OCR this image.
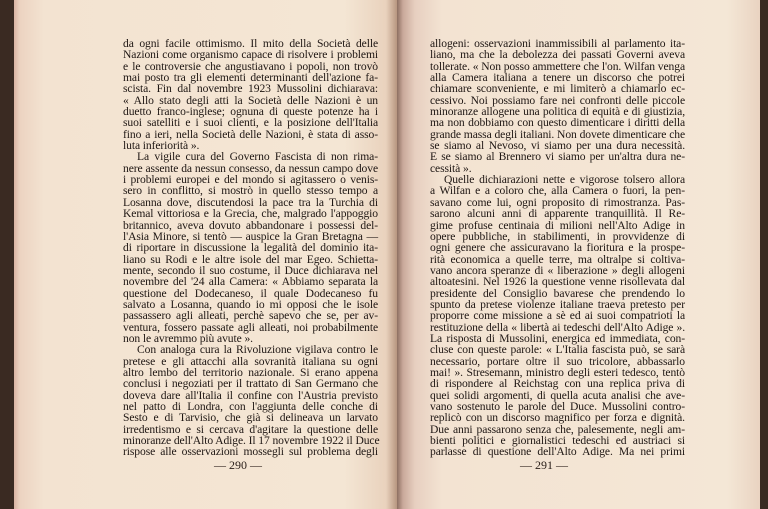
da ogni facile ottimismo. Il mito della Società delle
Nazioni come organismo capace di risolvere i problemi
e le controversie che angustiavano i popoli, non trovò
mai posto tra gli elementi determinanti dell'azione fa-
scista. Fin dal novembre 1923 Mussolini dichiarava:
« Allo stato degli atti la Società delle Nazioni è un
duetto franco-inglese; ognuna di queste potenze ha i
suoi satelliti e i suoi clienti, e la posizione dell'Italia
fino a ieri, nella Società delle Nazioni, è stata di asso-
luta inferiorità ».
La vigile cura del Governo Fascista di non rima-
nere assente da nessun consesso, da nessun campo dove
i problemi europei e del mondo si agitassero o venis-
sero in conflitto, si mostrò in quello stesso tempo a
Losanna dove, discutendosi la pace tra la Turchia di
Kemal vittoriosa e la Grecia, che, malgrado l'appoggio
britannico, aveva dovuto abbandonare i possessi del-
l'Asia Minore, si tentò — auspice la Gran Bretagna —
di riportare in discussione la legalità del dominio ita-
liano su Rodi e le altre isole del mar Egeo. Schietta-
mente, secondo il suo costume, il Duce dichiarava nel
novembre del '24 alla Camera: « Abbiamo separata la
questione del Dodecaneso, il quale Dodecaneso fu
salvato a Losanna, quando io mi opposi che le isole
passassero agli alleati, perchè sapevo che se, per av-
ventura, fossero passate agli alleati, noi probabilmente
non le avremmo più avute ».
Con analoga cura la Rivoluzione vigilava contro le
pretese e gli attacchi alla sovranità italiana su ogni
altro lembo del territorio nazionale. Si erano appena
conclusi i negoziati per il trattato di San Germano che
doveva dare all'Italia il confine con l'Austria previsto
nel patto di Londra, con l'aggiunta delle conche di
Sesto e di Tarvisio, che già si delineava un larvato
irredentismo e si cercava d'agitare la questione delle
minoranze dell'Alto Adige. Il 17 novembre 1922 il Duce
rispose alle osservazioni mossegli sul problema degli
— 290 —
allogeni: osservazioni inammissibili al parlamento ita-
liano, ma che la debolezza dei passati Governi aveva
tollerate. « Non posso ammettere che l'on. Wilfan venga
alla Camera italiana a tenere un discorso che potrei
chiamare sconveniente, e mi limiterò a chiamarlo ec-
cessivo. Noi possiamo fare nei confronti delle piccole
minoranze allogene una politica di equità e di giustizia,
ma non dobbiamo con questo dimenticare i diritti della
grande massa degli italiani. Non dovete dimenticare che
se siamo al Nevoso, vi siamo per una dura necessità.
E se siamo al Brennero vi siamo per un'altra dura ne-
cessità ».
Quelle dichiarazioni nette e vigorose tolsero allora
a Wilfan e a coloro che, alla Camera o fuori, la pen-
savano come lui, ogni proposito di rimostranza. Pas-
sarono alcuni anni di apparente tranquillità. Il Re-
gime profuse centinaia di milioni nell'Alto Adige in
opere pubbliche, in stabilimenti, in provvidenze di
ogni genere che assicuravano la fioritura e la prospe-
rità economica a quelle terre, ma oltralpe si coltiva-
vano ancora speranze di « liberazione » degli allogeni
altoatesini. Nel 1926 la questione venne risollevata dal
presidente del Consiglio bavarese che prendendo lo
spunto da pretese violenze italiane traeva pretesto per
proporre come missione a sè ed ai suoi compatrioti la
restituzione della « libertà ai tedeschi dell'Alto Adige ».
La risposta di Mussolini, energica ed immediata, con-
cluse con queste parole: « L'Italia fascista può, se sarà
necessario, portare oltre il suo tricolore, abbassarlo
mai! ». Stresemann, ministro degli esteri tedesco, tentò
di rispondere al Reichstag con una replica priva di
quei solidi argomenti, di quella acuta analisi che ave-
vano sostenuto le parole del Duce. Mussolini contro-
replicò con un discorso magnifico per forza e dignità.
Due anni passarono senza che, palesemente, negli am-
bienti politici e giornalistici tedeschi ed austriaci si
parlasse di questione dell'Alto Adige. Ma nei primi
— 291 —
